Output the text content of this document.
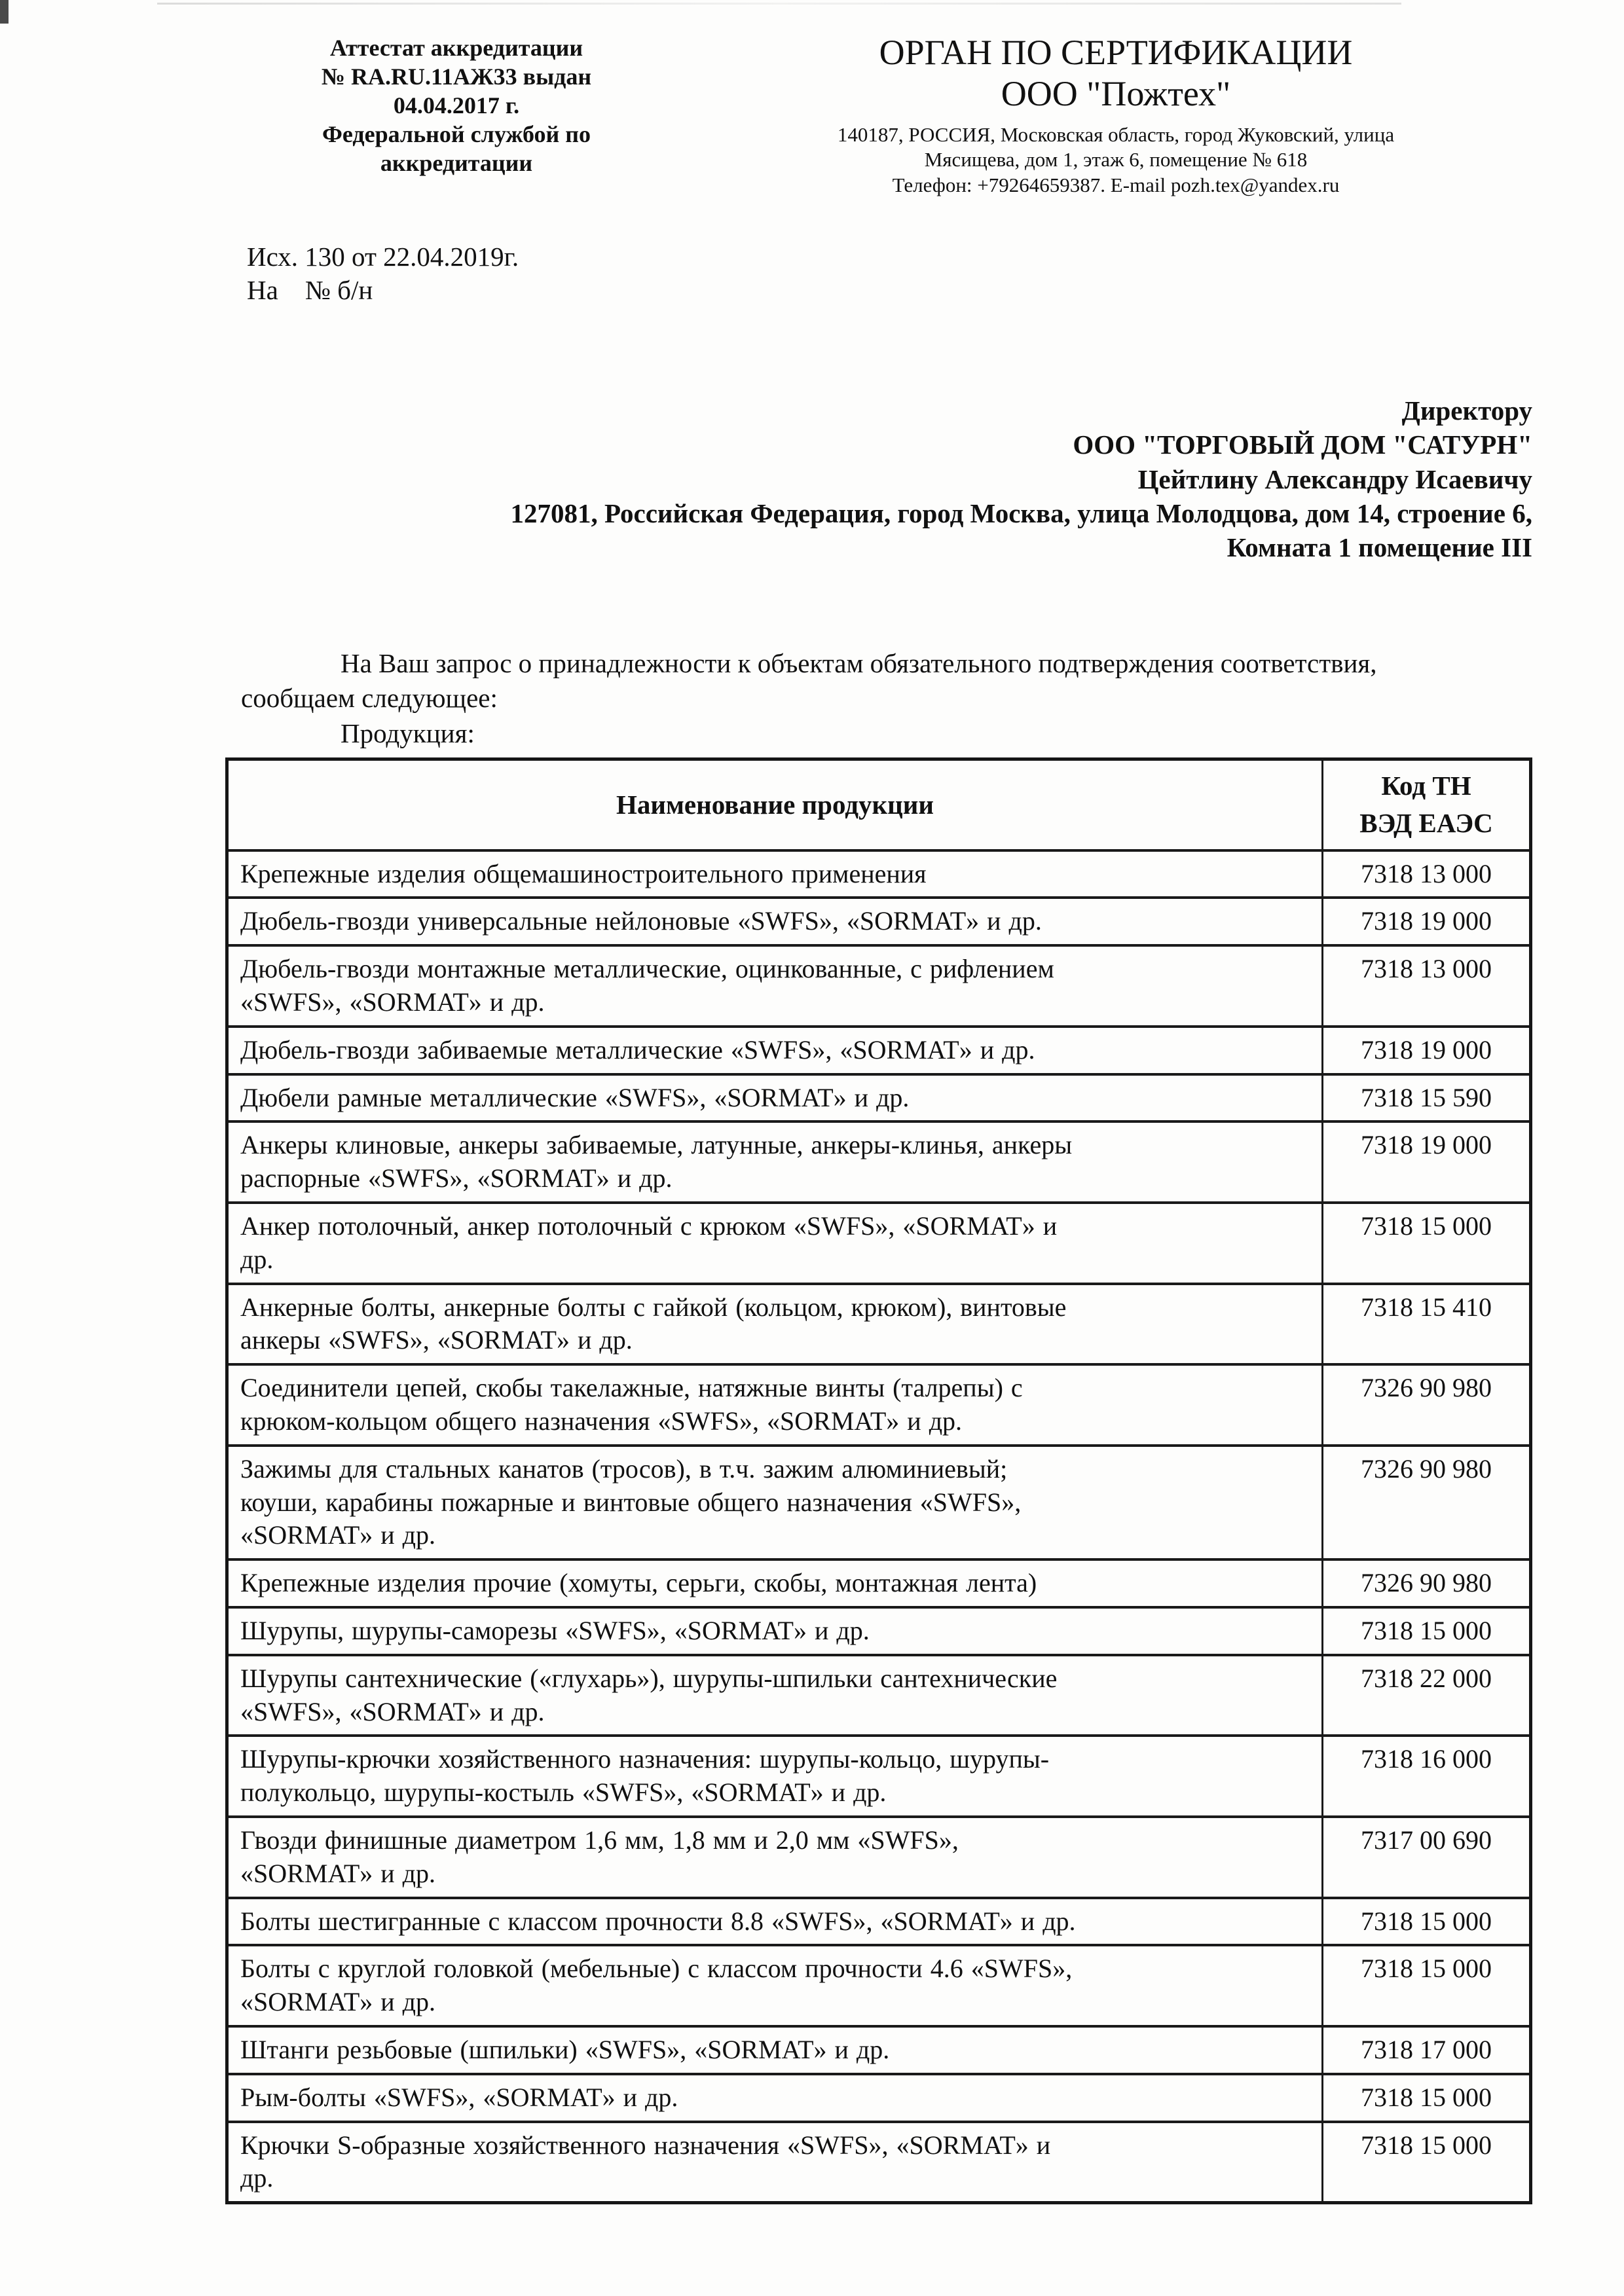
Аттестат аккредитации
№ RA.RU.11АЖ33 выдан
04.04.2017 г.
Федеральной службой по
аккредитации
ОРГАН ПО СЕРТИФИКАЦИИ
ООО "Пожтех"
140187, РОССИЯ, Московская область, город Жуковский, улица
Мясищева, дом 1, этаж 6, помещение № 618
Телефон: +79264659387. E-mail pozh.tex@yandex.ru
Исх. 130 от 22.04.2019г.
На    № б/н
Директору
ООО "ТОРГОВЫЙ ДОМ "САТУРН"
Цейтлину Александру Исаевичу
127081, Российская Федерация, город Москва, улица Молодцова, дом 14, строение 6,
Комната 1 помещение III
На Ваш запрос о принадлежности к объектам обязательного подтверждения соответствия,
сообщаем следующее:
Продукция:
Наименование продукции	Код ТН
ВЭД ЕАЭС
Крепежные изделия общемашиностроительного применения	7318 13 000
Дюбель-гвозди универсальные нейлоновые «SWFS», «SORMAT» и др.	7318 19 000
Дюбель-гвозди монтажные металлические, оцинкованные, с рифлением
«SWFS», «SORMAT» и др.	7318 13 000
Дюбель-гвозди забиваемые металлические «SWFS», «SORMAT» и др.	7318 19 000
Дюбели рамные металлические «SWFS», «SORMAT» и др.	7318 15 590
Анкеры клиновые, анкеры забиваемые, латунные, анкеры-клинья, анкеры
распорные «SWFS», «SORMAT» и др.	7318 19 000
Анкер потолочный, анкер потолочный с крюком «SWFS», «SORMAT» и
др.	7318 15 000
Анкерные болты, анкерные болты с гайкой (кольцом, крюком), винтовые
анкеры «SWFS», «SORMAT» и др.	7318 15 410
Соединители цепей, скобы такелажные, натяжные винты (талрепы) с
крюком-кольцом общего назначения «SWFS», «SORMAT» и др.	7326 90 980
Зажимы для стальных канатов (тросов), в т.ч. зажим алюминиевый;
коуши, карабины пожарные и винтовые общего назначения «SWFS»,
«SORMAT» и др.	7326 90 980
Крепежные изделия прочие (хомуты, серьги, скобы, монтажная лента)	7326 90 980
Шурупы, шурупы-саморезы «SWFS», «SORMAT» и др.	7318 15 000
Шурупы сантехнические («глухарь»), шурупы-шпильки сантехнические
«SWFS», «SORMAT» и др.	7318 22 000
Шурупы-крючки хозяйственного назначения: шурупы-кольцо, шурупы-
полукольцо, шурупы-костыль «SWFS», «SORMAT» и др.	7318 16 000
Гвозди финишные диаметром 1,6 мм, 1,8 мм и 2,0 мм «SWFS»,
«SORMAT» и др.	7317 00 690
Болты шестигранные с классом прочности 8.8 «SWFS», «SORMAT» и др.	7318 15 000
Болты с круглой головкой (мебельные) с классом прочности 4.6 «SWFS»,
«SORMAT» и др.	7318 15 000
Штанги резьбовые (шпильки) «SWFS», «SORMAT» и др.	7318 17 000
Рым-болты «SWFS», «SORMAT» и др.	7318 15 000
Крючки S-образные хозяйственного назначения «SWFS», «SORMAT» и
др.	7318 15 000
